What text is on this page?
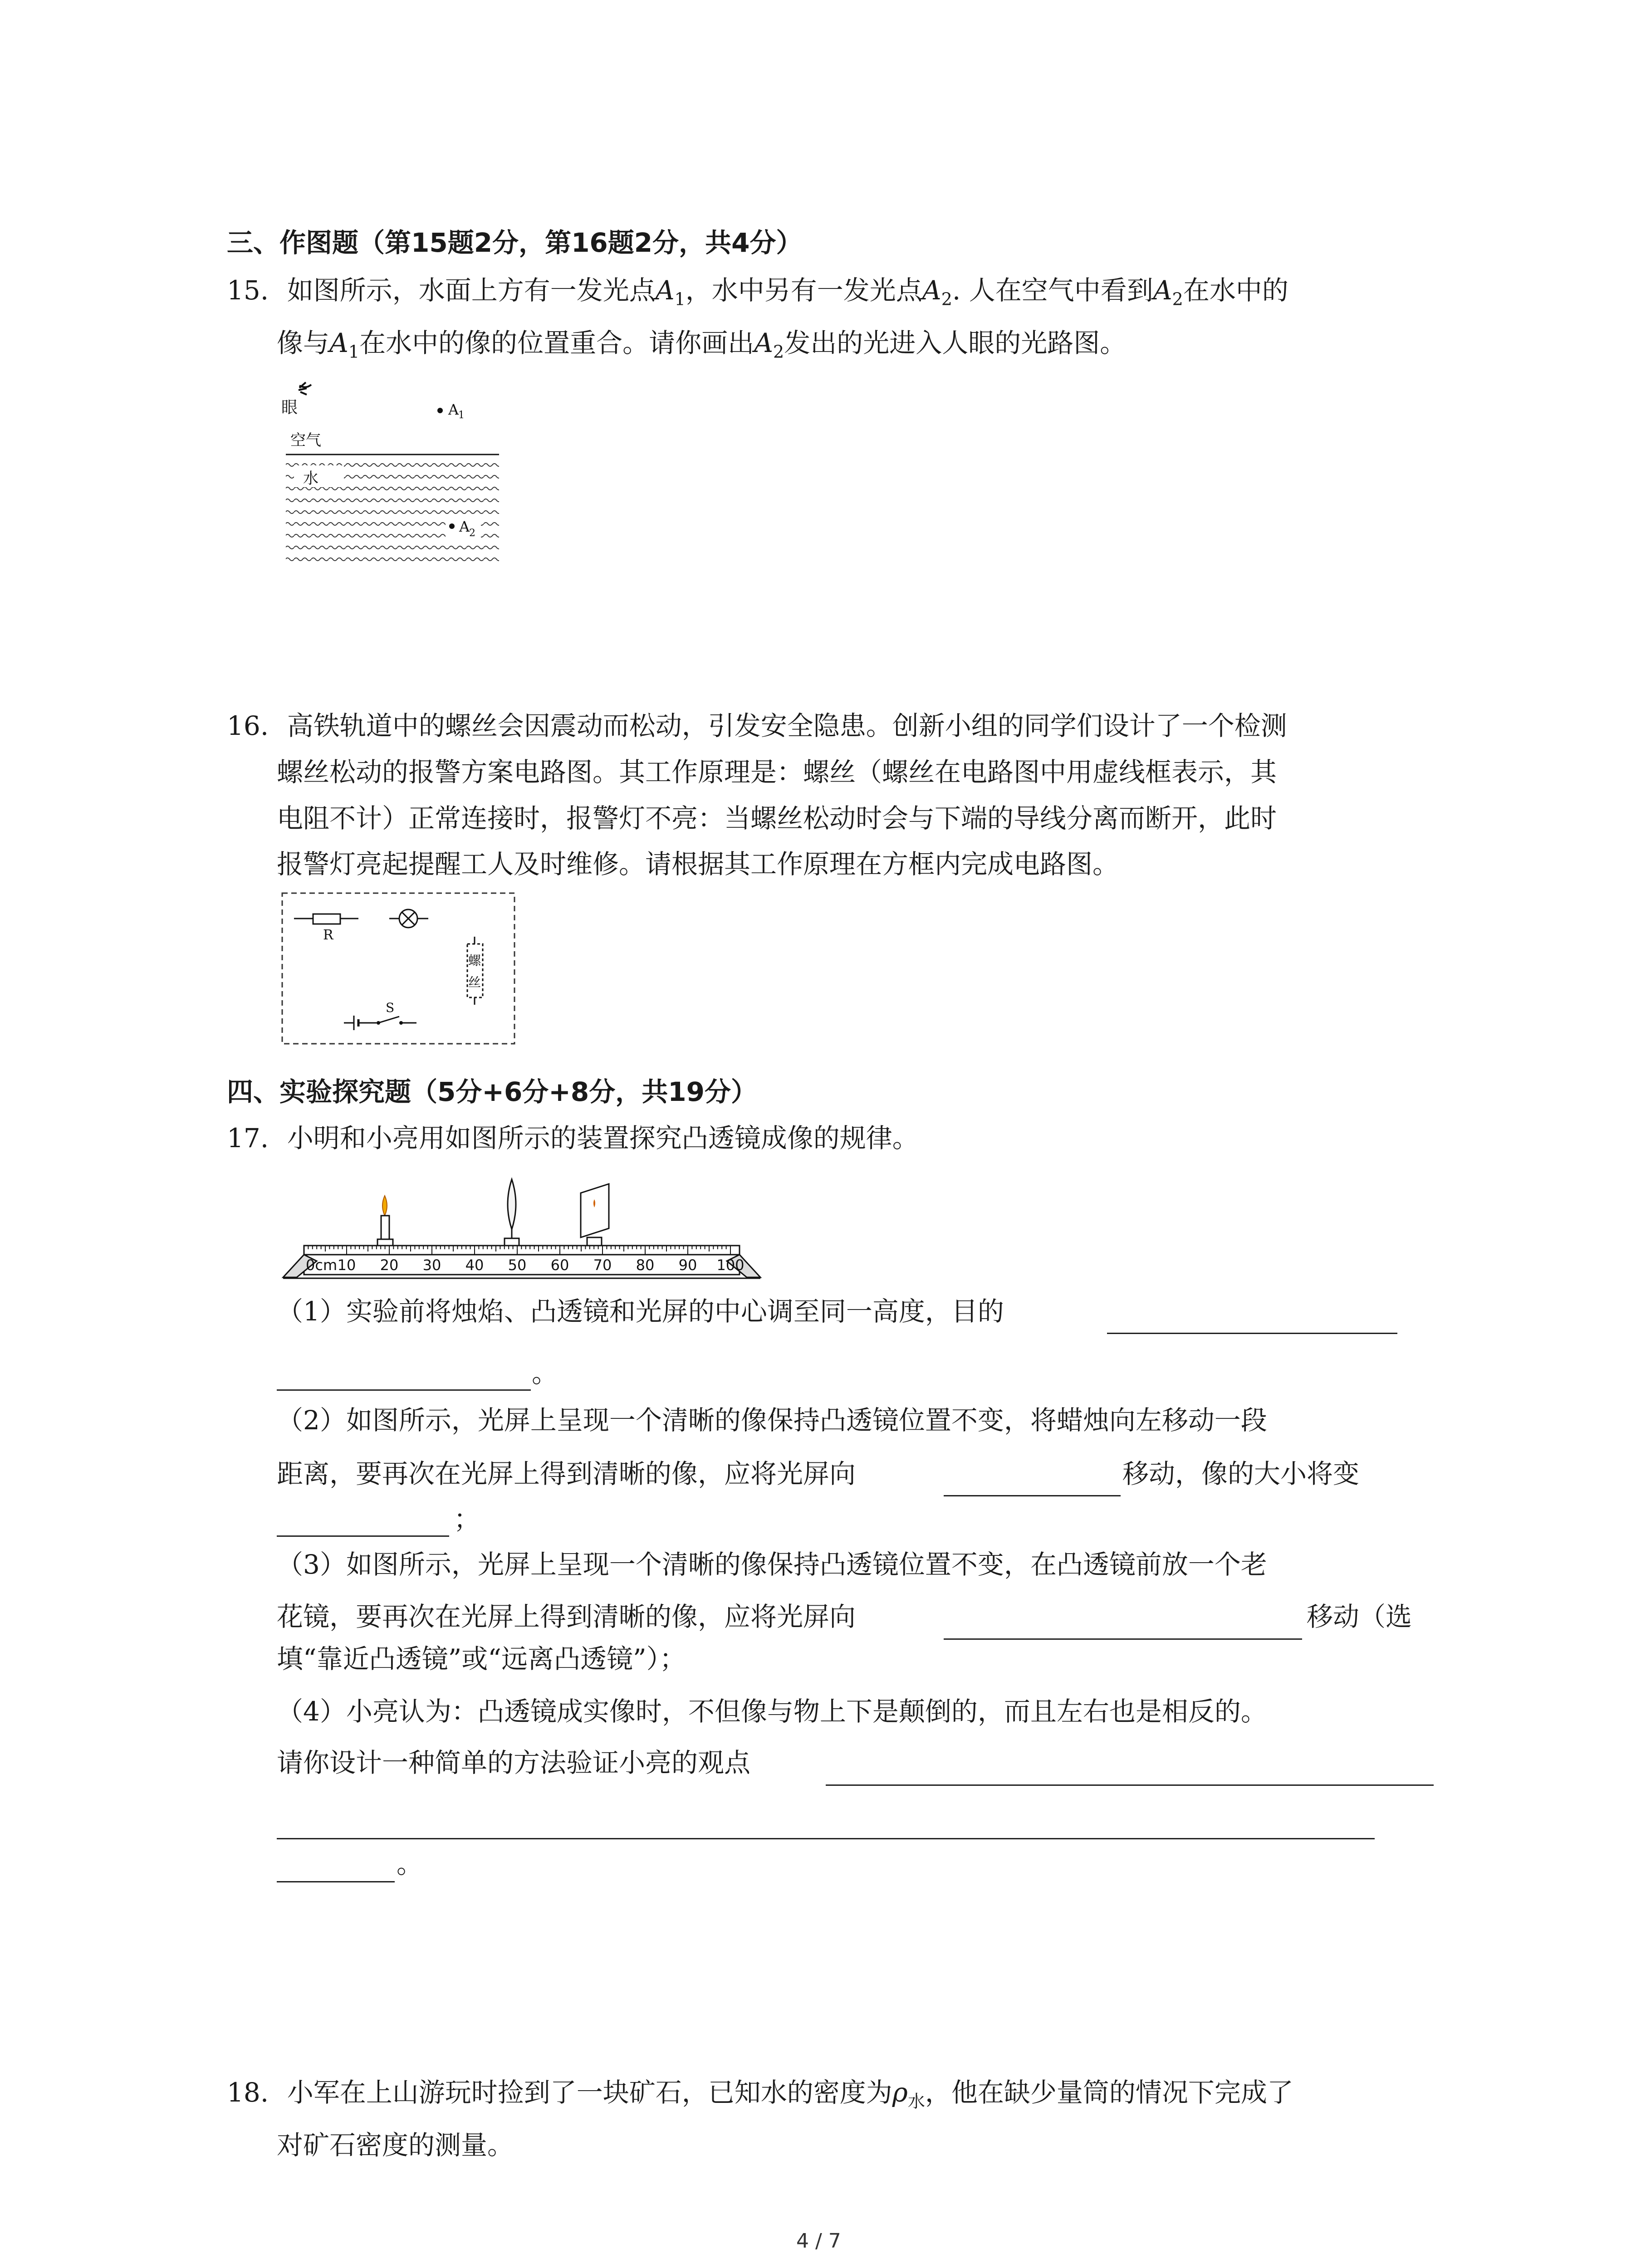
三、作图题（第15题2分，第16题2分，共4分）
15. 如图所示，水面上方有一发光点$A_1$，水中另有一发光点$A_2$. 人在空气中看到$A_2$在水中的
像与$A_1$在水中的像的位置重合。请你画出$A_2$发出的光进入人眼的光路图。
眼	A
1
空气
水
A
2
16. 高铁轨道中的螺丝会因震动而松动，引发安全隐患。创新小组的同学们设计了一个检测
螺丝松动的报警方案电路图。其工作原理是：螺丝（螺丝在电路图中用虚线框表示，其
电阻不计）正常连接时，报警灯不亮：当螺丝松动时会与下端的导线分离而断开，此时
报警灯亮起提醒工人及时维修。请根据其工作原理在方框内完成电路图。
R
螺
丝
S
四、实验探究题（5分+6分+8分，共19分）
17. 小明和小亮用如图所示的装置探究凸透镜成像的规律。
0cm 10 20 30 40 50 60 70 80 90 100
（1）实验前将烛焰、凸透镜和光屏的中心调至同一高度，目的
。
（2）如图所示，光屏上呈现一个清晰的像保持凸透镜位置不变，将蜡烛向左移动一段
距离，要再次在光屏上得到清晰的像，应将光屏向	移动，像的大小将变
；
（3）如图所示，光屏上呈现一个清晰的像保持凸透镜位置不变，在凸透镜前放一个老
花镜，要再次在光屏上得到清晰的像，应将光屏向	移动（选
填“靠近凸透镜”或“远离凸透镜”）；
（4）小亮认为：凸透镜成实像时，不但像与物上下是颠倒的，而且左右也是相反的。
请你设计一种简单的方法验证小亮的观点
。
18. 小军在上山游玩时捡到了一块矿石，已知水的密度为$\rho_水$，他在缺少量筒的情况下完成了
对矿石密度的测量。
4 / 7
